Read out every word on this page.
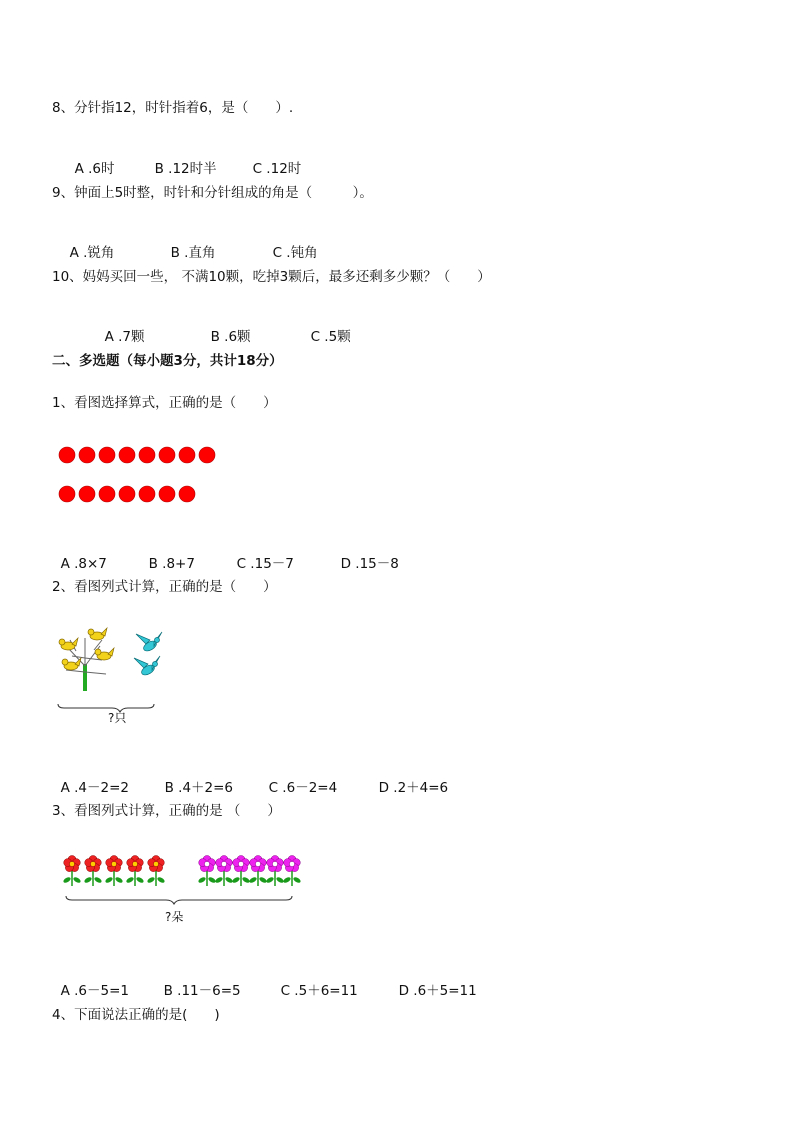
8、分针指12，时针指着6，是（　　）.

A .6时	B .12时半	C .12时

9、钟面上5时整，时针和分针组成的角是（　　　）。

A .锐角	B .直角	C .钝角

10、妈妈买回一些， 不满10颗，吃掉3颗后，最多还剩多少颗？（　　）

A .7颗	B .6颗	C .5颗

二、多选题（每小题3分，共计18分）
1、看图选择算式，正确的是（　　）

A .8×7	B .8+7	C .15－7	D .15－8

2、看图列式计算，正确的是（　　）
?只

A .4－2=2	B .4＋2=6	C .6－2=4	D .2＋4=6

3、看图列式计算，正确的是 （　　）
?朵

A .6－5=1	B .11－6=5	C .5＋6=11	D .6＋5=11

4、下面说法正确的是(　　)
